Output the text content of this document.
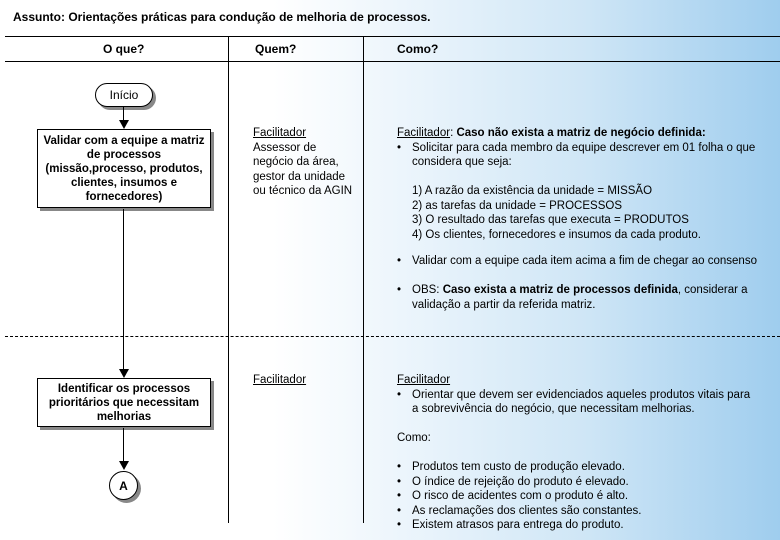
Assunto: Orientações práticas para condução de melhoria de processos.
O que?	Quem?	Como?
Início
Validar com a equipe a matriz de processos (missão,processo, produtos, clientes, insumos e fornecedores)
Identificar os processos prioritários que necessitam melhorias
A
Facilitador
Assessor de negócio da área, gestor da unidade ou técnico da AGIN
Facilitador
Facilitador: Caso não exista a matriz de negócio definida:
• Solicitar para cada membro da equipe descrever em 01 folha o que considera que seja:
1) A razão da existência da unidade = MISSÃO
2) as tarefas da unidade = PROCESSOS
3) O resultado das tarefas que executa = PRODUTOS
4) Os clientes, fornecedores e insumos da cada produto.
• Validar com a equipe cada item acima a fim de chegar ao consenso
• OBS: Caso exista a matriz de processos definida, considerar a validação a partir da referida matriz.
Facilitador
• Orientar que devem ser evidenciados aqueles produtos vitais para a sobrevivência do negócio, que necessitam melhorias.
Como:
• Produtos tem custo de produção elevado.
• O índice de rejeição do produto é elevado.
• O risco de acidentes com o produto é alto.
• As reclamações dos clientes são constantes.
• Existem atrasos para entrega do produto.
